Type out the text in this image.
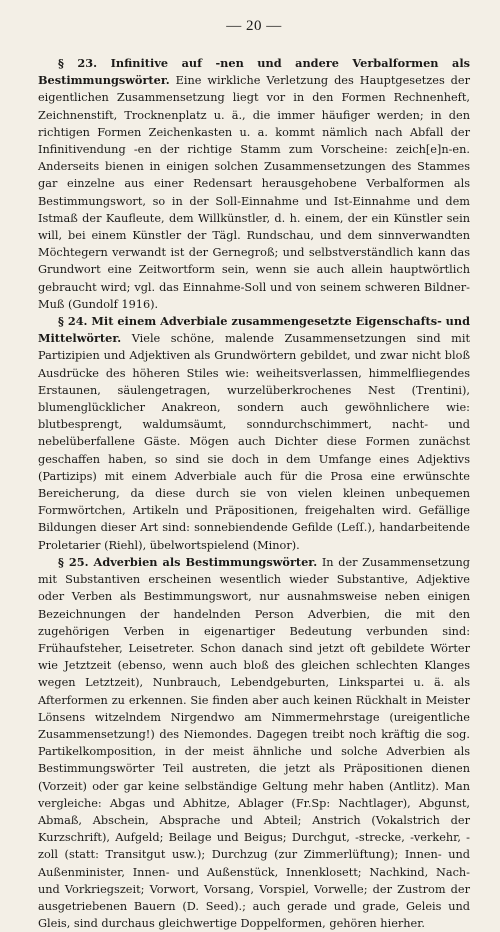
— 20 —

§ 23. Infinitive auf -nen und andere Verbalformen als Bestimmungswörter. Eine wirkliche Verletzung des Hauptgesetzes der eigentlichen Zusammensetzung liegt vor in den Formen Rechnenheft, Zeichnenstift, Trocknenplatz u. ä., die immer häufiger werden; in den richtigen Formen Zeichenkasten u. a. kommt nämlich nach Abfall der Infinitivendung -en der richtige Stamm zum Vorscheine: zeich[e]n-en. Anderseits bienen in einigen solchen Zusammensetzungen des Stammes gar einzelne aus einer Redensart herausgehobene Verbalformen als Bestimmungswort, so in der Soll-Einnahme und Ist-Einnahme und dem Istmaß der Kaufleute, dem Willkünstler, d. h. einem, der ein Künstler sein will, bei einem Künstler der Tägl. Rundschau, und dem sinnverwandten Möchtegern verwandt ist der Gernegroß; und selbstverständlich kann das Grundwort eine Zeitwortform sein, wenn sie auch allein hauptwörtlich gebraucht wird; vgl. das Einnahme-Soll und von seinem schweren Bildner-Muß (Gundolf 1916).

§ 24. Mit einem Adverbiale zusammengesetzte Eigenschafts- und Mittelwörter. Viele schöne, malende Zusammensetzungen sind mit Partizipien und Adjektiven als Grundwörtern gebildet, und zwar nicht bloß Ausdrücke des höheren Stiles wie: weiheitsverlassen, himmelfliegendes Erstaunen, säulengetragen, wurzelüberkrochenes Nest (Trentini), blumenglücklicher Anakreon, sondern auch gewöhnlichere wie: blutbesprengt, waldumsäumt, sonndurchschimmert, nacht- und nebelüberfallene Gäste. Mögen auch Dichter diese Formen zunächst geschaffen haben, so sind sie doch in dem Umfange eines Adjektivs (Partizips) mit einem Adverbiale auch für die Prosa eine erwünschte Bereicherung, da diese durch sie von vielen kleinen unbequemen Formwörtchen, Artikeln und Präpositionen, freigehalten wird. Gefällige Bildungen dieser Art sind: sonnebiendende Gefilde (Leſſ.), handarbeitende Proletarier (Riehl), übelwortspielend (Minor).

§ 25. Adverbien als Bestimmungswörter. In der Zusammensetzung mit Substantiven erscheinen wesentlich wieder Substantive, Adjektive oder Verben als Bestimmungswort, nur ausnahmsweise neben einigen Bezeichnungen der handelnden Person Adverbien, die mit den zugehörigen Verben in eigenartiger Bedeutung verbunden sind: Frühaufsteher, Leisetreter. Schon danach sind jetzt oft gebildete Wörter wie Jetztzeit (ebenso, wenn auch bloß des gleichen schlechten Klanges wegen Letztzeit), Nunbrauch, Lebendgeburten, Linkspartei u. ä. als Afterformen zu erkennen. Sie finden aber auch keinen Rückhalt in Meister Lönsens witzelndem Nirgendwo am Nimmermehrstage (ureigentliche Zusammensetzung!) des Niemondes. Dagegen treibt noch kräftig die sog. Partikelkomposition, in der meist ähnliche und solche Adverbien als Bestimmungswörter Teil austreten, die jetzt als Präpositionen dienen (Vorzeit) oder gar keine selbständige Geltung mehr haben (Antlitz). Man vergleiche: Abgas und Abhitze, Ablager (Fr.Sp: Nachtlager), Abgunst, Abmaß, Abschein, Absprache und Abteil; Anstrich (Vokalstrich der Kurzschrift), Aufgeld; Beilage und Beigus; Durchgut, -strecke, -verkehr, -zoll (statt: Transitgut usw.); Durchzug (zur Zimmerlüftung); Innen- und Außenminister, Innen- und Außenstück, Innenklosett; Nachkind, Nach- und Vorkriegszeit; Vorwort, Vorsang, Vorspiel, Vorwelle; der Zustrom der ausgetriebenen Bauern (D. Seed).; auch gerade und grade, Geleis und Gleis, sind durchaus gleichwertige Doppelformen, gehören hierher.
